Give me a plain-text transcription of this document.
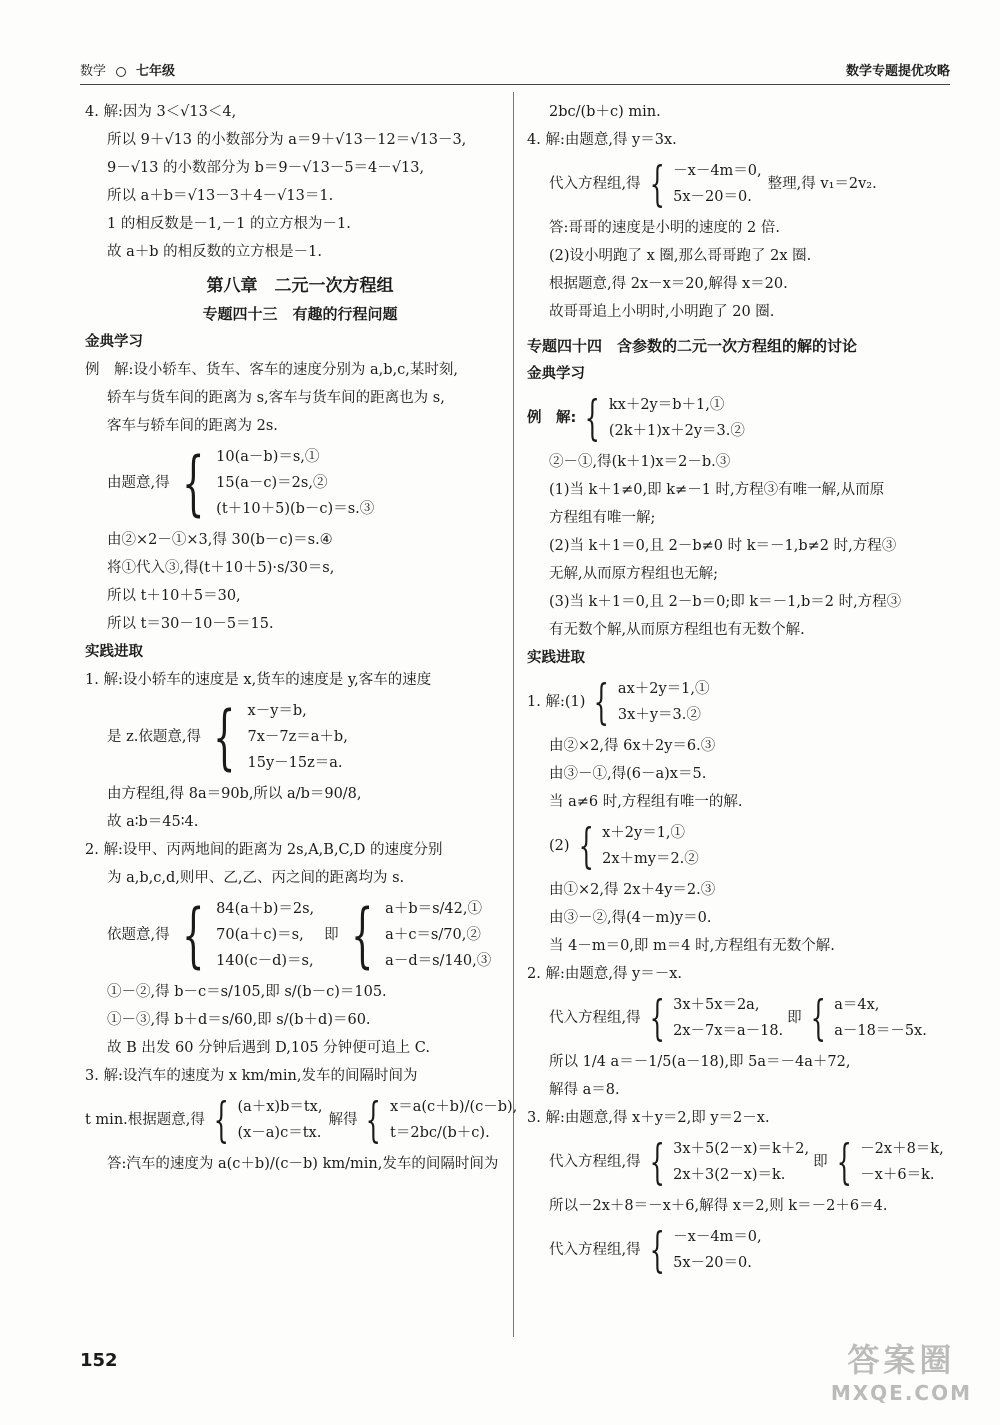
数学 七年级	数学专题提优攻略
4. 解:因为 3＜√13＜4,
所以 9＋√13 的小数部分为 a＝9＋√13－12＝√13－3,
9－√13 的小数部分为 b＝9－√13－5＝4－√13,
所以 a＋b＝√13－3＋4－√13＝1.
1 的相反数是－1,－1 的立方根为－1.
故 a＋b 的相反数的立方根是－1.
第八章　二元一次方程组
专题四十三　有趣的行程问题
金典学习
例　解:设小轿车、货车、客车的速度分别为 a,b,c,某时刻,
轿车与货车间的距离为 s,客车与货车间的距离也为 s,
客车与轿车间的距离为 2s.
由题意,得 { 10(a－b)＝s,①
15(a－c)＝2s,②
(t＋10＋5)(b－c)＝s.③
由②×2－①×3,得 30(b－c)＝s.④
将①代入③,得(t＋10＋5)·s/30＝s,
所以 t＋10＋5＝30,
所以 t＝30－10－5＝15.
实践进取
1. 解:设小轿车的速度是 x,货车的速度是 y,客车的速度
是 z.依题意,得 { x－y＝b,
7x－7z＝a＋b,
15y－15z＝a.
由方程组,得 8a＝90b,所以 a/b＝90/8,
故 a∶b＝45∶4.
2. 解:设甲、丙两地间的距离为 2s,A,B,C,D 的速度分别
为 a,b,c,d,则甲、乙,乙、丙之间的距离均为 s.
依题意,得 { 84(a＋b)＝2s,
70(a＋c)＝s,
140(c－d)＝s,
即 { a＋b＝s/42,①
a＋c＝s/70,②
a－d＝s/140,③
①－②,得 b－c＝s/105,即 s/(b－c)＝105.
①－③,得 b＋d＝s/60,即 s/(b＋d)＝60.
故 B 出发 60 分钟后遇到 D,105 分钟便可追上 C.
3. 解:设汽车的速度为 x km/min,发车的间隔时间为
t min.根据题意,得 { (a＋x)b＝tx,
(x－a)c＝tx.
解得 { x＝a(c＋b)/(c－b),
t＝2bc/(b＋c).
答:汽车的速度为 a(c＋b)/(c－b) km/min,发车的间隔时间为
2bc/(b＋c) min.
4. 解:由题意,得 y＝3x.
代入方程组,得 { －x－4m＝0,
5x－20＝0.
整理,得 v₁＝2v₂.
答:哥哥的速度是小明的速度的 2 倍.
(2)设小明跑了 x 圈,那么哥哥跑了 2x 圈.
根据题意,得 2x－x＝20,解得 x＝20.
故哥哥追上小明时,小明跑了 20 圈.
专题四十四　含参数的二元一次方程组的解的讨论
金典学习
例　解: { kx＋2y＝b＋1,①
(2k＋1)x＋2y＝3.②
②－①,得(k＋1)x＝2－b.③
(1)当 k＋1≠0,即 k≠－1 时,方程③有唯一解,从而原
方程组有唯一解;
(2)当 k＋1＝0,且 2－b≠0 时 k＝－1,b≠2 时,方程③
无解,从而原方程组也无解;
(3)当 k＋1＝0,且 2－b＝0;即 k＝－1,b＝2 时,方程③
有无数个解,从而原方程组也有无数个解.
实践进取
1. 解:(1) { ax＋2y＝1,①
3x＋y＝3.②
由②×2,得 6x＋2y＝6.③
由③－①,得(6－a)x＝5.
当 a≠6 时,方程组有唯一的解.
(2) { x＋2y＝1,①
2x＋my＝2.②
由①×2,得 2x＋4y＝2.③
由③－②,得(4－m)y＝0.
当 4－m＝0,即 m＝4 时,方程组有无数个解.
2. 解:由题意,得 y＝－x.
代入方程组,得 { 3x＋5x＝2a,
2x－7x＝a－18.
即 { a＝4x,
a－18＝－5x.
所以 1/4 a＝－1/5(a－18),即 5a＝－4a＋72,
解得 a＝8.
3. 解:由题意,得 x＋y＝2,即 y＝2－x.
代入方程组,得 { 3x＋5(2－x)＝k＋2,
2x＋3(2－x)＝k.
即 { －2x＋8＝k,
－x＋6＝k.
所以－2x＋8＝－x＋6,解得 x＝2,则 k＝－2＋6＝4.
代入方程组,得 { －x－4m＝0,
5x－20＝0.
152	答案圈
MXQE.COM
